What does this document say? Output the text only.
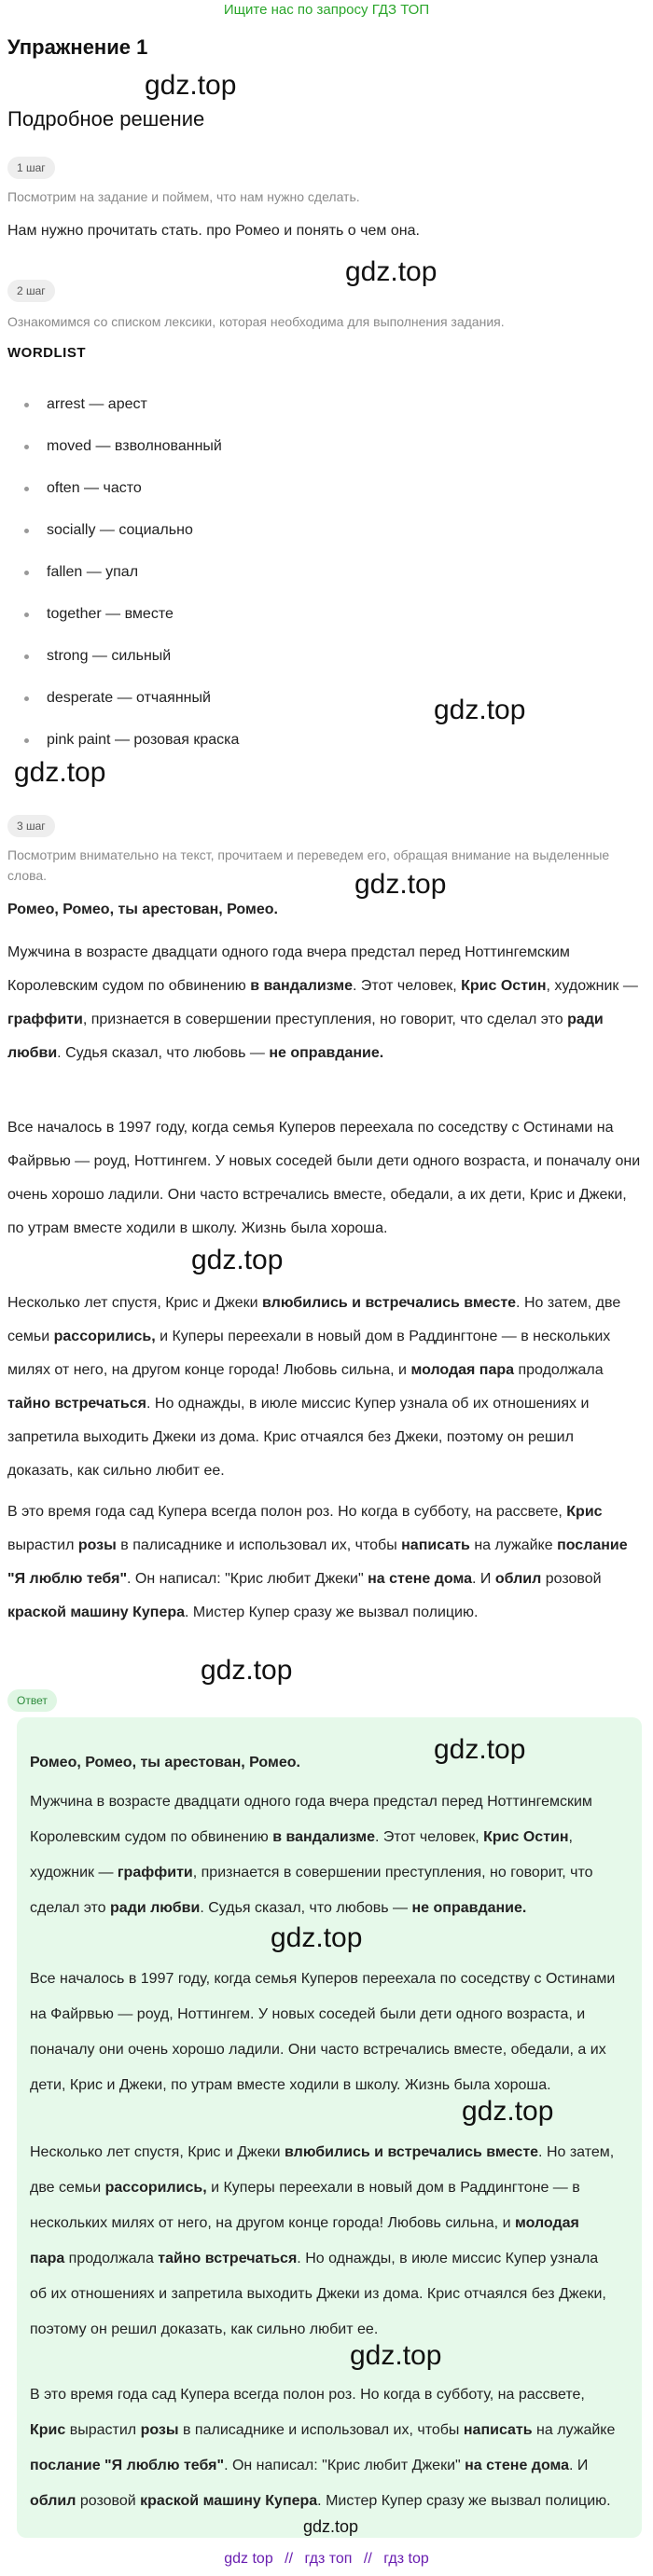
Ищите нас по запросу ГДЗ ТОП
Упражнение 1
gdz.top
Подробное решение
1 шаг
Посмотрим на задание и поймем, что нам нужно сделать.
Нам нужно прочитать стать. про Ромео и понять о чем она.
gdz.top
2 шаг
Ознакомимся со списком лексики, которая необходима для выполнения задания.
WORDLIST
arrest — арест
moved — взволнованный
often — часто
socially — социально
fallen — упал
together — вместе
strong — сильный
desperate — отчаянный
pink paint — розовая краска
gdz.top
gdz.top
3 шаг
Посмотрим внимательно на текст, прочитаем и переведем его, обращая внимание на выделенные слова.
Ромео, Ромео, ты арестован, Ромео.
gdz.top

Мужчина в возрасте двадцати одного года вчера предстал перед Ноттингемским Королевским судом по обвинению в вандализме. Этот человек, Крис Остин, художник — граффити, признается в совершении преступления, но говорит, что сделал это ради любви. Судья сказал, что любовь — не оправдание.

Все началось в 1997 году, когда семья Куперов переехала по соседству с Остинами на Файрвью — роуд, Ноттингем. У новых соседей были дети одного возраста, и поначалу они очень хорошо ладили. Они часто встречались вместе, обедали, а их дети, Крис и Джеки, по утрам вместе ходили в школу. Жизнь была хороша.

gdz.top

Несколько лет спустя, Крис и Джеки влюбились и встречались вместе. Но затем, две семьи рассорились, и Куперы переехали в новый дом в Раддингтоне — в нескольких милях от него, на другом конце города! Любовь сильна, и молодая пара продолжала тайно встречаться. Но однажды, в июле миссис Купер узнала об их отношениях и запретила выходить Джеки из дома. Крис отчаялся без Джеки, поэтому он решил доказать, как сильно любит ее.

В это время года сад Купера всегда полон роз. Но когда в субботу, на рассвете, Крис вырастил розы в палисаднике и использовал их, чтобы написать на лужайке послание "Я люблю тебя". Он написал: "Крис любит Джеки" на стене дома. И облил розовой краской машину Купера. Мистер Купер сразу же вызвал полицию.

gdz.top
Ответ
Ромео, Ромео, ты арестован, Ромео.	gdz.top

Мужчина в возрасте двадцати одного года вчера предстал перед Ноттингемским Королевским судом по обвинению в вандализме. Этот человек, Крис Остин, художник — граффити, признается в совершении преступления, но говорит, что сделал это ради любви. Судья сказал, что любовь — не оправдание.

gdz.top

Все началось в 1997 году, когда семья Куперов переехала по соседству с Остинами на Файрвью — роуд, Ноттингем. У новых соседей были дети одного возраста, и поначалу они очень хорошо ладили. Они часто встречались вместе, обедали, а их дети, Крис и Джеки, по утрам вместе ходили в школу. Жизнь была хороша.

gdz.top

Несколько лет спустя, Крис и Джеки влюбились и встречались вместе. Но затем, две семьи рассорились, и Куперы переехали в новый дом в Раддингтоне — в нескольких милях от него, на другом конце города! Любовь сильна, и молодая пара продолжала тайно встречаться. Но однажды, в июле миссис Купер узнала об их отношениях и запретила выходить Джеки из дома. Крис отчаялся без Джеки, поэтому он решил доказать, как сильно любит ее.

gdz.top

В это время года сад Купера всегда полон роз. Но когда в субботу, на рассвете, Крис вырастил розы в палисаднике и использовал их, чтобы написать на лужайке послание "Я люблю тебя". Он написал: "Крис любит Джеки" на стене дома. И облил розовой краской машину Купера. Мистер Купер сразу же вызвал полицию.

gdz.top
gdz top // гдз топ // гдз top
